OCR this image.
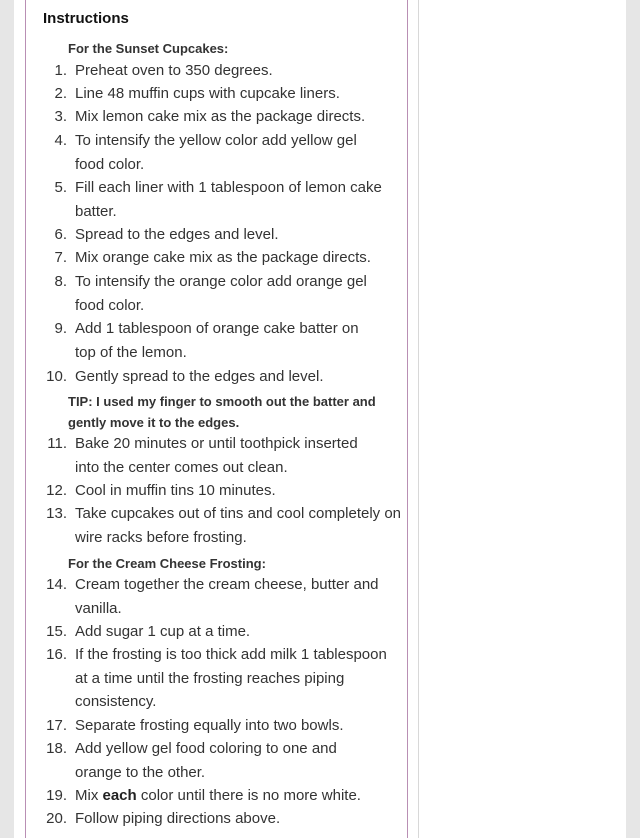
Instructions
For the Sunset Cupcakes:
1. Preheat oven to 350 degrees.
2. Line 48 muffin cups with cupcake liners.
3. Mix lemon cake mix as the package directs.
4. To intensify the yellow color add yellow gel food color.
5. Fill each liner with 1 tablespoon of lemon cake batter.
6. Spread to the edges and level.
7. Mix orange cake mix as the package directs.
8. To intensify the orange color add orange gel food color.
9. Add 1 tablespoon of orange cake batter on top of the lemon.
10. Gently spread to the edges and level.
TIP: I used my finger to smooth out the batter and gently move it to the edges.
11. Bake 20 minutes or until toothpick inserted into the center comes out clean.
12. Cool in muffin tins 10 minutes.
13. Take cupcakes out of tins and cool completely on wire racks before frosting.
For the Cream Cheese Frosting:
14. Cream together the cream cheese, butter and vanilla.
15. Add sugar 1 cup at a time.
16. If the frosting is too thick add milk 1 tablespoon at a time until the frosting reaches piping consistency.
17. Separate frosting equally into two bowls.
18. Add yellow gel food coloring to one and orange to the other.
19. Mix each color until there is no more white.
20. Follow piping directions above.
